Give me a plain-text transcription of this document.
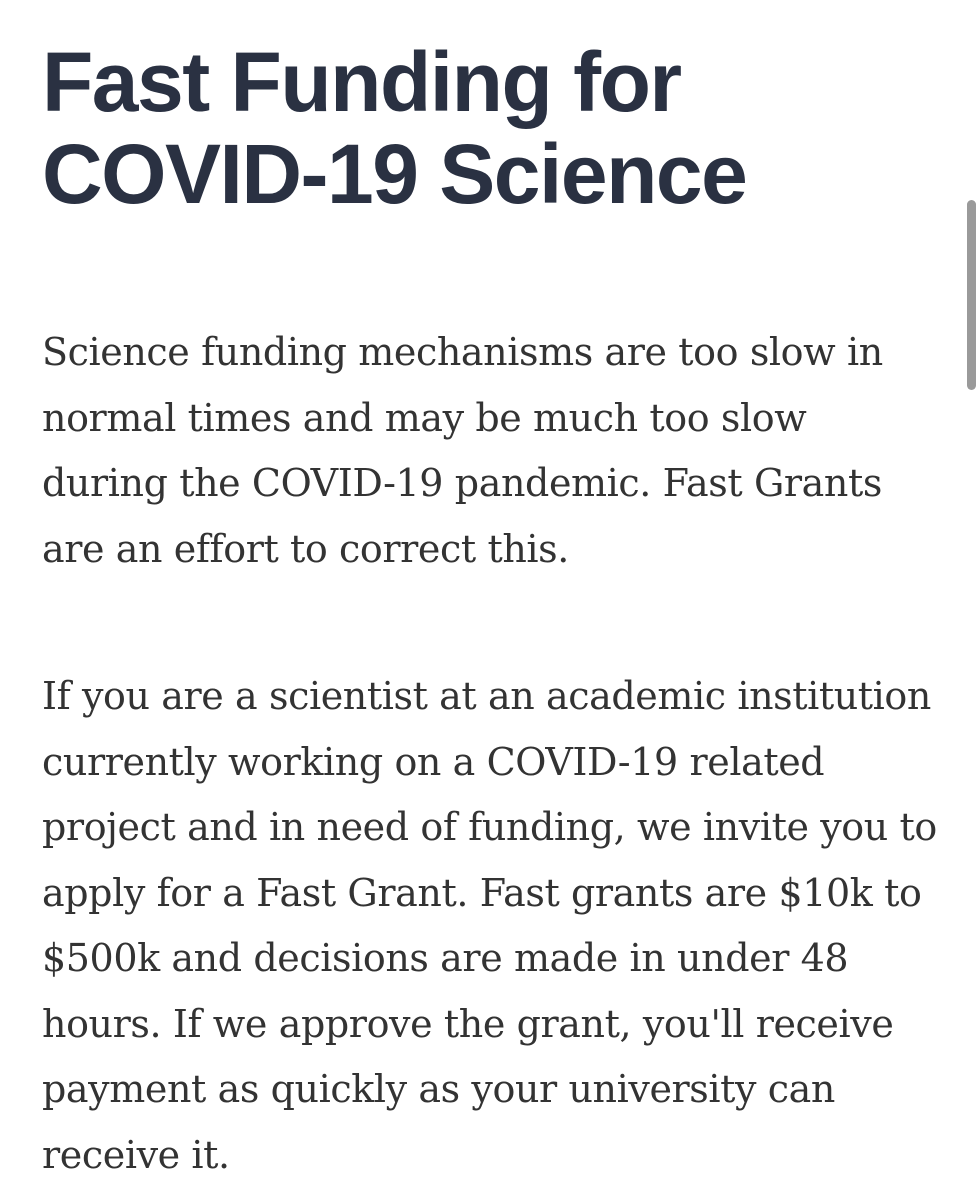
Fast Funding for
COVID-19 Science

Science funding mechanisms are too slow in normal times and may be much too slow during the COVID-19 pandemic. Fast Grants are an effort to correct this.

If you are a scientist at an academic institution currently working on a COVID-19 related project and in need of funding, we invite you to apply for a Fast Grant. Fast grants are $10k to $500k and decisions are made in under 48 hours. If we approve the grant, you'll receive payment as quickly as your university can receive it.
